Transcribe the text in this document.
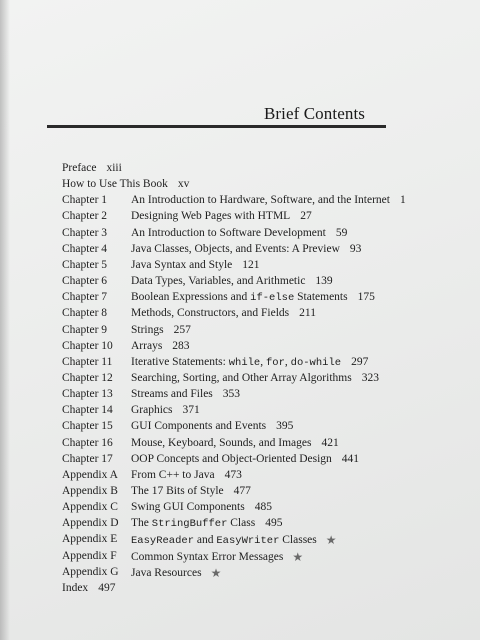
Brief Contents
Preface xiii
How to Use This Book xv
Chapter 1 An Introduction to Hardware, Software, and the Internet 1
Chapter 2 Designing Web Pages with HTML 27
Chapter 3 An Introduction to Software Development 59
Chapter 4 Java Classes, Objects, and Events: A Preview 93
Chapter 5 Java Syntax and Style 121
Chapter 6 Data Types, Variables, and Arithmetic 139
Chapter 7 Boolean Expressions and if-else Statements 175
Chapter 8 Methods, Constructors, and Fields 211
Chapter 9 Strings 257
Chapter 10 Arrays 283
Chapter 11 Iterative Statements: while, for, do-while 297
Chapter 12 Searching, Sorting, and Other Array Algorithms 323
Chapter 13 Streams and Files 353
Chapter 14 Graphics 371
Chapter 15 GUI Components and Events 395
Chapter 16 Mouse, Keyboard, Sounds, and Images 421
Chapter 17 OOP Concepts and Object-Oriented Design 441
Appendix A From C++ to Java 473
Appendix B The 17 Bits of Style 477
Appendix C Swing GUI Components 485
Appendix D The StringBuffer Class 495
Appendix E EasyReader and EasyWriter Classes ★
Appendix F Common Syntax Error Messages ★
Appendix G Java Resources ★
Index 497
